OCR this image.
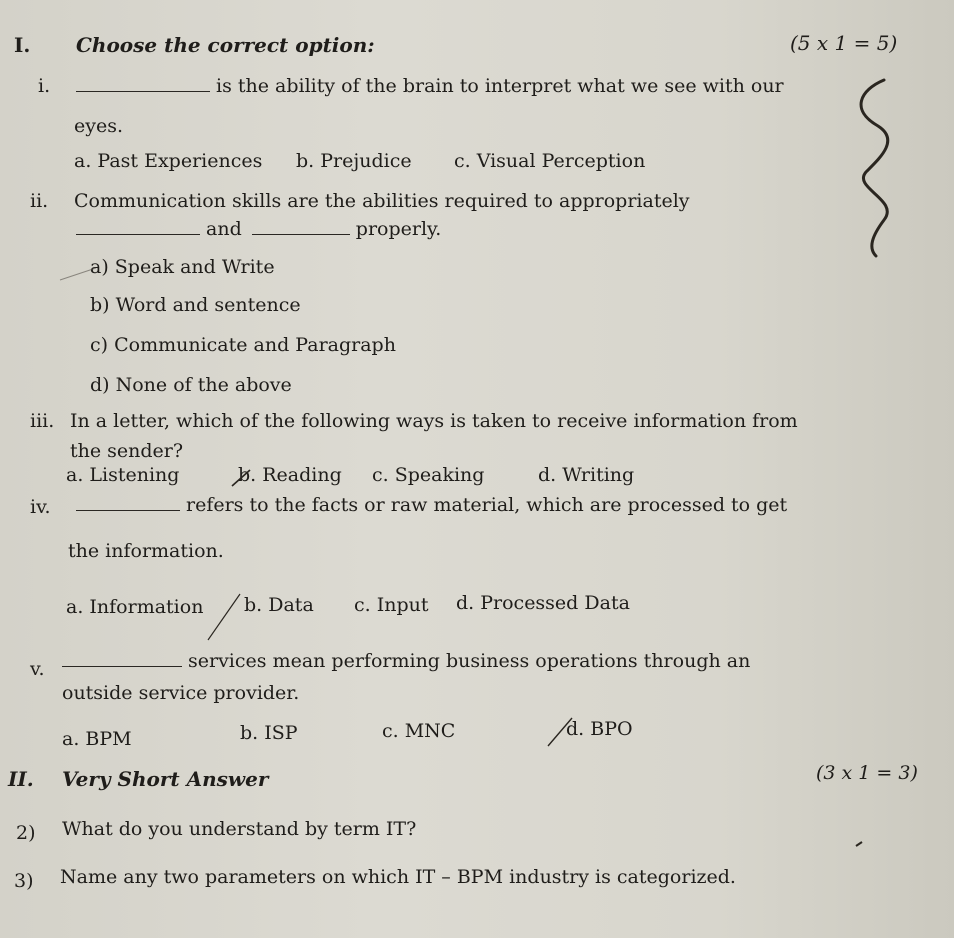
I. Choose the correct option:	(5 x 1 = 5)
i.	is the ability of the brain to interpret what we see with our
eyes.
a. Past Experiences b. Prejudice c. Visual Perception
ii. Communication skills are the abilities required to appropriately
and	properly.
a) Speak and Write
b) Word and sentence
c) Communicate and Paragraph
d) None of the above
iii. In a letter, which of the following ways is taken to receive information from
the sender?
a. Listening	b. Reading c. Speaking	d. Writing
iv.	refers to the facts or raw material, which are processed to get
the information.
a. Information b. Data c. Input d. Processed Data
v.	services mean performing business operations through an
outside service provider.
a. BPM	b. ISP	c. MNC	d. BPO
II. Very Short Answer	(3 x 1 = 3)
2) What do you understand by term IT?
3) Name any two parameters on which IT – BPM industry is categorized.
